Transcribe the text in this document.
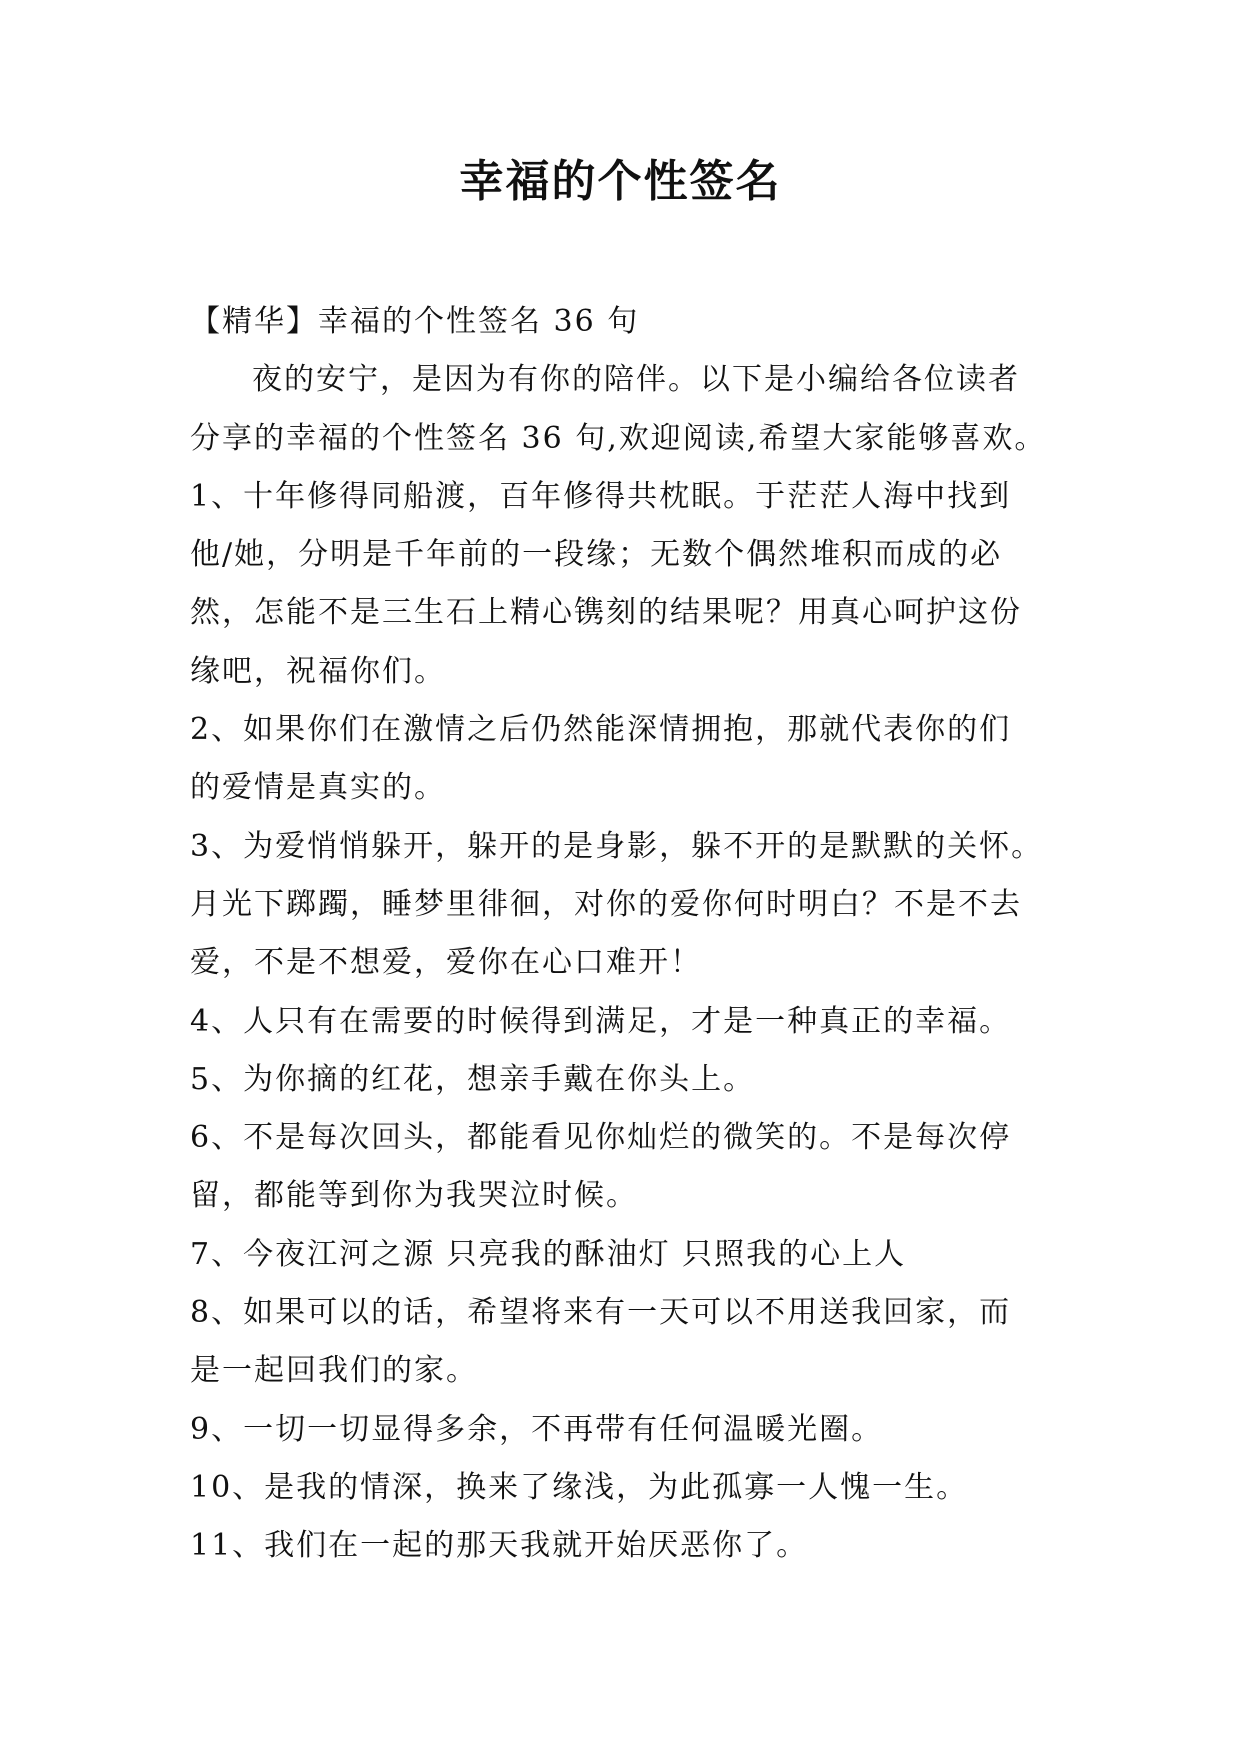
幸福的个性签名
【精华】幸福的个性签名 36 句
夜的安宁，是因为有你的陪伴。以下是小编给各位读者
分享的幸福的个性签名 36 句,欢迎阅读,希望大家能够喜欢。
1、十年修得同船渡，百年修得共枕眠。于茫茫人海中找到
他/她，分明是千年前的一段缘；无数个偶然堆积而成的必
然，怎能不是三生石上精心镌刻的结果呢？用真心呵护这份
缘吧，祝福你们。
2、如果你们在激情之后仍然能深情拥抱，那就代表你的们
的爱情是真实的。
3、为爱悄悄躲开，躲开的是身影，躲不开的是默默的关怀。
月光下踯躅，睡梦里徘徊，对你的爱你何时明白？不是不去
爱，不是不想爱，爱你在心口难开！
4、人只有在需要的时候得到满足，才是一种真正的幸福。
5、为你摘的红花，想亲手戴在你头上。
6、不是每次回头，都能看见你灿烂的微笑的。不是每次停
留，都能等到你为我哭泣时候。
7、今夜江河之源 只亮我的酥油灯 只照我的心上人
8、如果可以的话，希望将来有一天可以不用送我回家，而
是一起回我们的家。
9、一切一切显得多余，不再带有任何温暖光圈。
10、是我的情深，换来了缘浅，为此孤寡一人愧一生。
11、我们在一起的那天我就开始厌恶你了。
